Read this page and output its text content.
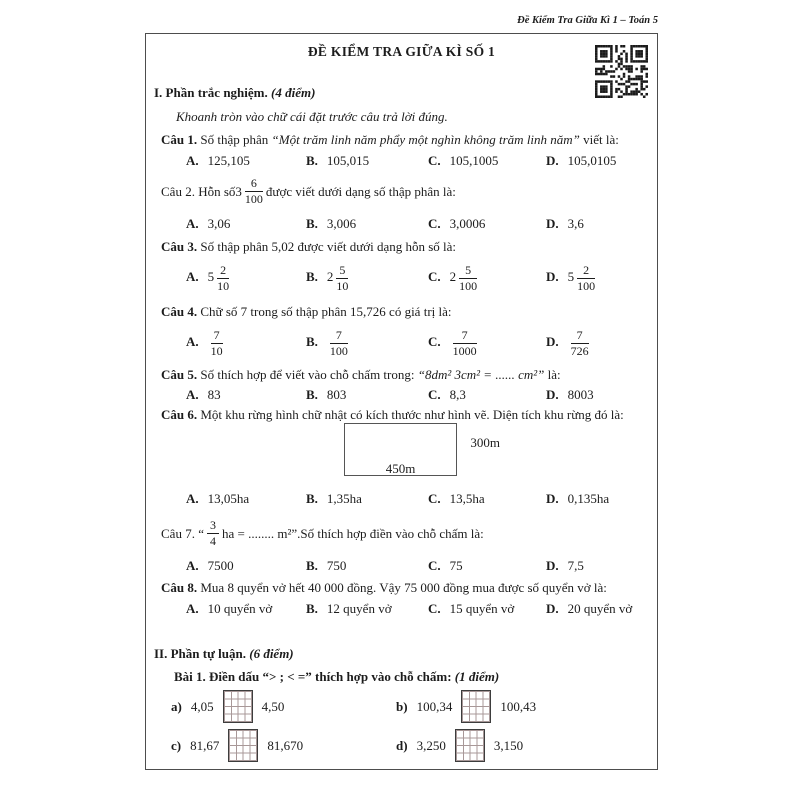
Đề Kiểm Tra Giữa Kì 1 – Toán 5
ĐỀ KIỂM TRA GIỮA KÌ SỐ 1
I. Phần trắc nghiệm. (4 điểm)
Khoanh tròn vào chữ cái đặt trước câu trả lời đúng.
Câu 1. Số thập phân “Một trăm linh năm phẩy một nghìn không trăm linh năm” viết là:
A. 125,105	B. 105,015	C. 105,1005	D. 105,0105
Câu 2.
Hỗn số $3 \frac{6}{100}$ được viết dưới dạng số thập phân là:
A. 3,06	B. 3,006	C. 3,0006	D. 3,6
Câu 3. Số thập phân 5,02 được viết dưới dạng hỗn số là:
A. $5 \frac{2}{10}$	B. $2 \frac{5}{10}$	C. $2 \frac{5}{100}$	D. $5 \frac{2}{100}$
Câu 4. Chữ số 7 trong số thập phân 15,726 có giá trị là:
A. $\frac{7}{10}$	B. $\frac{7}{100}$	C. $\frac{7}{1000}$	D. $\frac{7}{726}$
Câu 5. Số thích hợp để viết vào chỗ chấm trong: “8dm² 3cm² = ...... cm²” là:
A. 83	B. 803	C. 8,3	D. 8003
Câu 6. Một khu rừng hình chữ nhật có kích thước như hình vẽ. Diện tích khu rừng đó là:
450m
300m
A. 13,05ha	B. 1,35ha	C. 13,5ha	D. 0,135ha
Câu 7.
“ $\frac{3}{4}$ ha = ........ m²”. Số thích hợp điền vào chỗ chấm là:
A. 7500	B. 750	C. 75	D. 7,5
Câu 8. Mua 8 quyển vở hết 40 000 đồng. Vậy 75 000 đồng mua được số quyển vở là:
A. 10 quyển vở	B. 12 quyển vở	C. 15 quyển vở	D. 20 quyển vở
II. Phần tự luận. (6 điểm)
Bài 1. Điền dấu “> ; < =” thích hợp vào chỗ chấm: (1 điểm)
a) 4,05	4,50	b) 100,34	100,43
c) 81,67	81,670	d) 3,250	3,150
